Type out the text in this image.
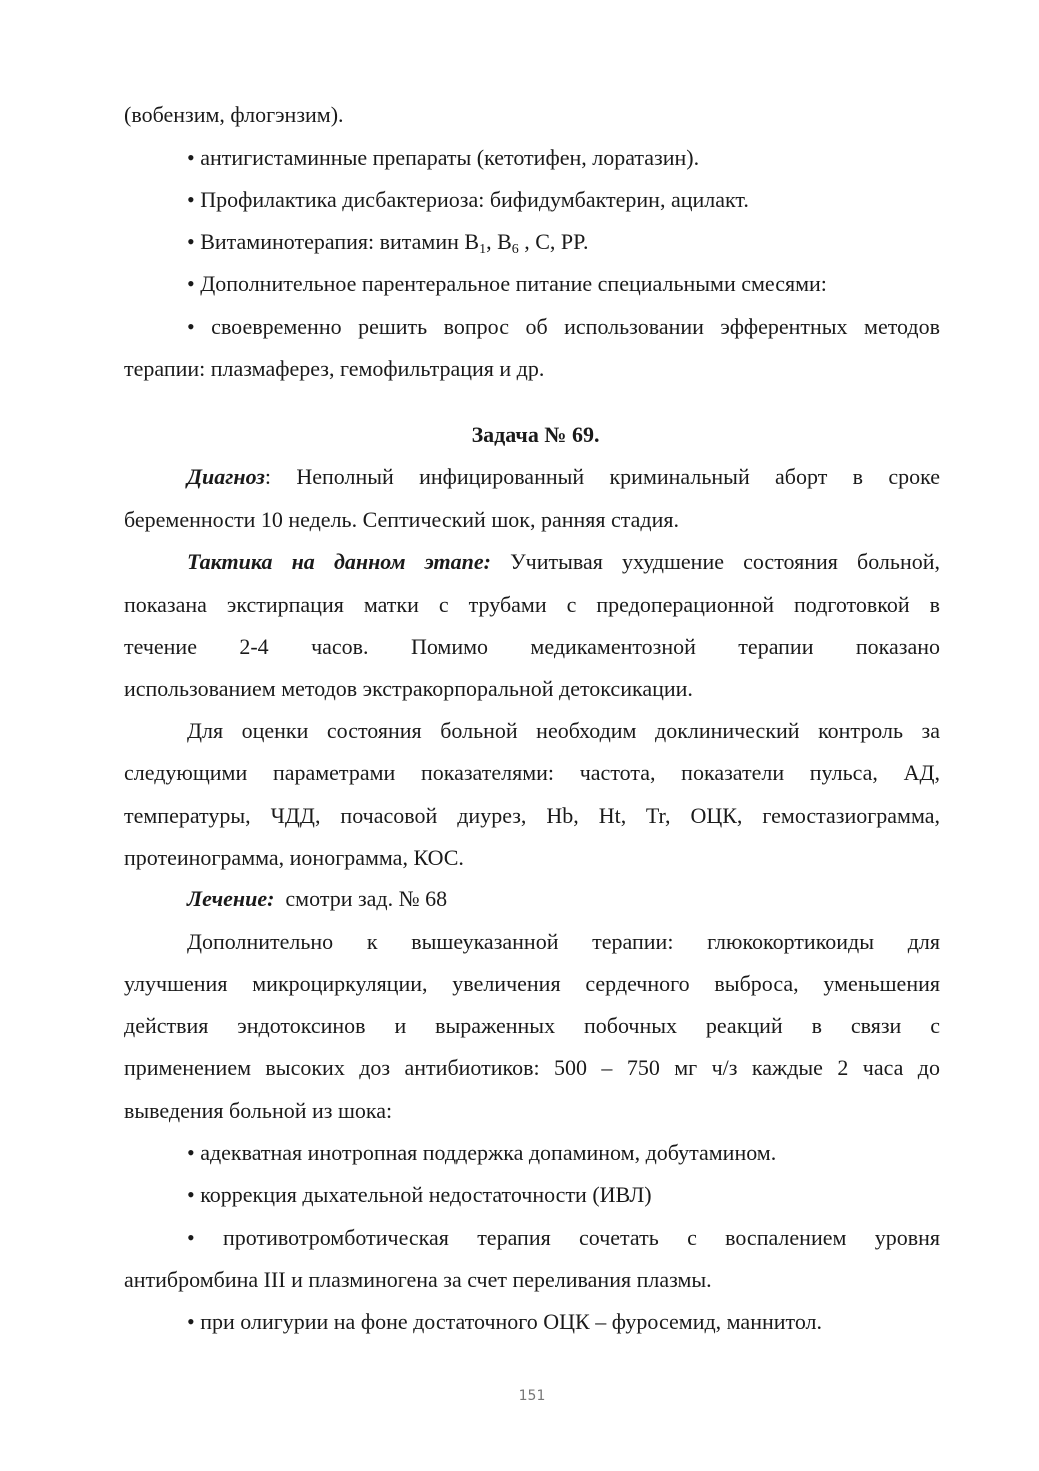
(вобензим, флогэнзим).
• антигистаминные препараты (кетотифен, лоратазин).
• Профилактика дисбактериоза: бифидумбактерин, ацилакт.
• Витаминотерапия: витамин $B_1$, $B_6$ , C, PP.
• Дополнительное парентеральное питание специальными смесями:
• своевременно решить вопрос об использовании эфферентных методов
терапии: плазмаферез, гемофильтрация и др.
Задача № 69.
Диагноз: Неполный инфицированный криминальный аборт в сроке
беременности 10 недель. Септический шок, ранняя стадия.
Тактика на данном этапе: Учитывая ухудшение состояния больной,
показана экстирпация матки с трубами с предоперационной подготовкой в
течение 2-4 часов. Помимо медикаментозной терапии показано
использованием методов экстракорпоральной детоксикации.
Для оценки состояния больной необходим доклинический контроль за
следующими параметрами показателями: частота, показатели пульса, АД,
температуры, ЧДД, почасовой диурез, Hb, Ht, Tr, ОЦК, гемостазиограмма,
протеинограмма, ионограмма, КОС.
Лечение:  смотри зад. № 68
Дополнительно к вышеуказанной терапии: глюкокортикоиды для
улучшения микроциркуляции, увеличения сердечного выброса, уменьшения
действия эндотоксинов и выраженных побочных реакций в связи с
применением высоких доз антибиотиков: 500 – 750 мг ч/з каждые 2 часа до
выведения больной из шока:
• адекватная инотропная поддержка допамином, добутамином.
• коррекция дыхательной недостаточности (ИВЛ)
• противотромботическая терапия сочетать с воспалением уровня
антибромбина III и плазминогена за счет переливания плазмы.
• при олигурии на фоне достаточного ОЦК – фуросемид, маннитол.
151
